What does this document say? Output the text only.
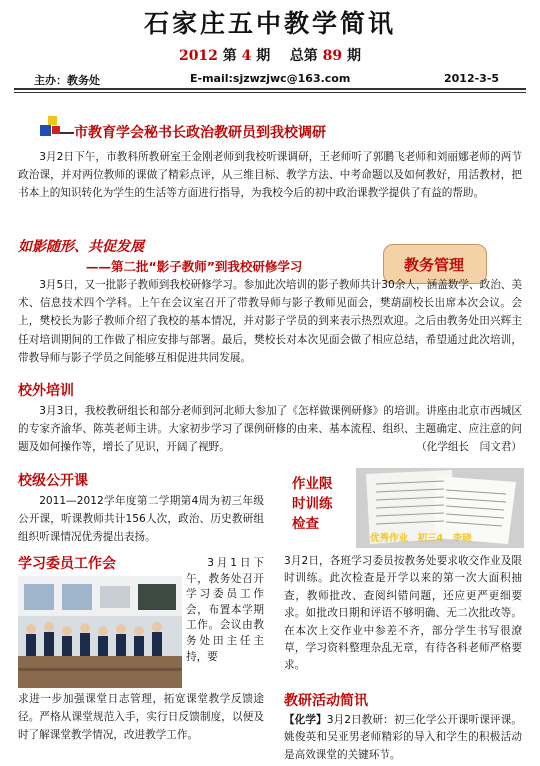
石家庄五中教学简讯
2012 第 4 期 总第 89 期
主办：教务处	E-mail:sjzwzjwc@163.com	2012-3-5
市教育学会秘书长政治教研员到我校调研

3月2日下午，市教科所教研室王金刚老师到我校听课调研，王老师听了郭鹏飞老师和刘丽娜老师的两节政治课，并对两位教师的课做了精彩点评，从三维目标、教学方法、中考命题以及如何教好，用活教材，把书本上的知识转化为学生的生活等方面进行指导，为我校今后的初中政治课教学提供了有益的帮助。

教务管理
如影随形、共促发展
——第二批“影子教师”到我校研修学习

3月5日，又一批影子教师到我校研修学习。参加此次培训的影子教师共计30余人，涵盖数学、政治、美术、信息技术四个学科。上午在会议室召开了带教导师与影子教师见面会，樊葫副校长出席本次会议。会上，樊校长为影子教师介绍了我校的基本情况，并对影子学员的到来表示热烈欢迎。之后由教务处田兴辉主任对培训期间的工作做了相应安排与部署。最后，樊校长对本次见面会做了相应总结，希望通过此次培训，带教导师与影子学员之间能够互相促进共同发展。

校外培训

3月3日，我校教研组长和部分老师到河北师大参加了《怎样做课例研修》的培训。讲座由北京市西城区的专家齐渝华、陈英老师主讲。大家初步学习了课例研修的由来、基本流程、组织、主题确定、应注意的问题及如何操作等，增长了见识，开阔了视野。	（化学组长　闫文君）

校级公开课

2011—2012学年度第二学期第4周为初三年级公开课，听课教师共计156人次，政治、历史教研组组织听课情况优秀提出表扬。

学习委员工作会	3月1日下午，教务处召开学习委员工作会，布置本学期工作。会议由教务处田主任主持，要

求进一步加强课堂日志管理，拓宽课堂教学反馈途径。严格从课堂规范入手，实行日反馈制度，以便及时了解课堂教学情况，改进教学工作。

作业限
时训练
检查
优秀作业　初三4　李晓

3月2日，各班学习委员按教务处要求收交作业及限时训练。此次检查是开学以来的第一次大面积抽查，教师批改、查阅纠错问题，还应更严更细要求。如批改日期和评语不够明确、无二次批改等。在本次上交作业中参差不齐，部分学生书写很潦草，学习资料整理杂乱无章，有待各科老师严格要求。

教研活动简讯

【化学】3月2日教研：初三化学公开课听课评课。姚俊英和吴亚男老师精彩的导入和学生的积极活动是高效课堂的关键环节。
